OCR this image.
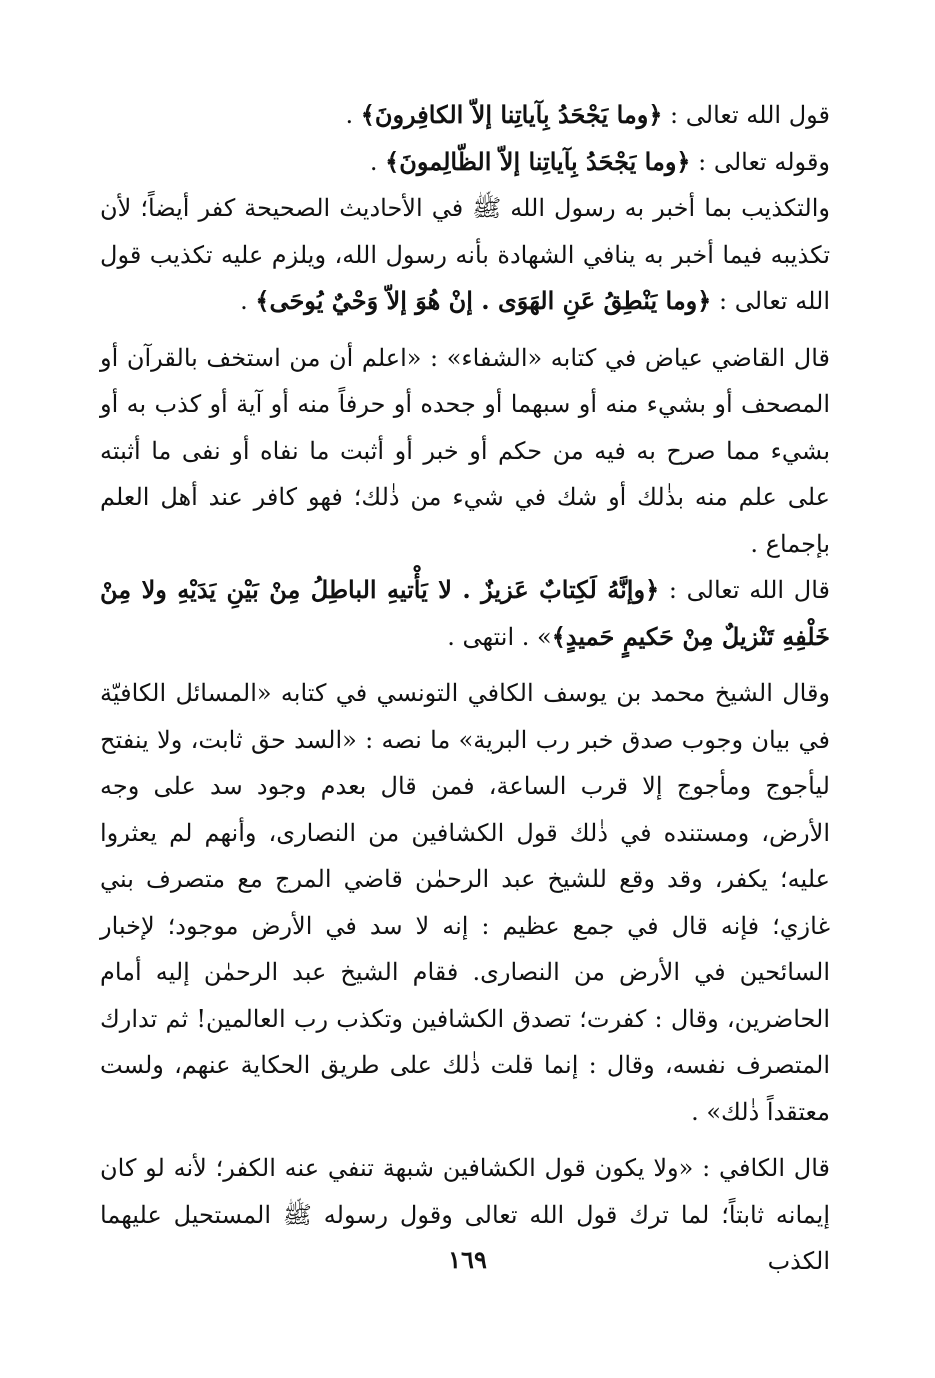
قول الله تعالى : ﴿وما يَجْحَدُ بِآياتِنا إلاّ الكافِرونَ﴾ .

وقوله تعالى : ﴿وما يَجْحَدُ بِآياتِنا إلاّ الظّالِمونَ﴾ .

والتكذيب بما أخبر به رسول الله ﷺ في الأحاديث الصحيحة كفر أيضاً؛ لأن تكذيبه فيما أخبر به ينافي الشهادة بأنه رسول الله، ويلزم عليه تكذيب قول الله تعالى : ﴿وما يَنْطِقُ عَنِ الهَوَى . إنْ هُوَ إلاّ وَحْيٌ يُوحَى﴾ .

قال القاضي عياض في كتابه «الشفاء» : «اعلم أن من استخف بالقرآن أو المصحف أو بشيء منه أو سبهما أو جحده أو حرفاً منه أو آية أو كذب به أو بشيء مما صرح به فيه من حكم أو خبر أو أثبت ما نفاه أو نفى ما أثبته على علم منه بذٰلك أو شك في شيء من ذٰلك؛ فهو كافر عند أهل العلم بإجماع .

قال الله تعالى : ﴿وإنَّهُ لَكِتابٌ عَزيزٌ . لا يَأْتيهِ الباطِلُ مِنْ بَيْنِ يَدَيْهِ ولا مِنْ خَلْفِهِ تَنْزيلٌ مِنْ حَكيمٍ حَميدٍ﴾» . انتهى .

وقال الشيخ محمد بن يوسف الكافي التونسي في كتابه «المسائل الكافيّة في بيان وجوب صدق خبر رب البرية» ما نصه : «السد حق ثابت، ولا ينفتح ليأجوج ومأجوج إلا قرب الساعة، فمن قال بعدم وجود سد على وجه الأرض، ومستنده في ذٰلك قول الكشافين من النصارى، وأنهم لم يعثروا عليه؛ يكفر، وقد وقع للشيخ عبد الرحمٰن قاضي المرج مع متصرف بني غازي؛ فإنه قال في جمع عظيم : إنه لا سد في الأرض موجود؛ لإخبار السائحين في الأرض من النصارى. فقام الشيخ عبد الرحمٰن إليه أمام الحاضرين، وقال : كفرت؛ تصدق الكشافين وتكذب رب العالمين! ثم تدارك المتصرف نفسه، وقال : إنما قلت ذٰلك على طريق الحكاية عنهم، ولست معتقداً ذٰلك» .

قال الكافي : «ولا يكون قول الكشافين شبهة تنفي عنه الكفر؛ لأنه لو كان إيمانه ثابتاً؛ لما ترك قول الله تعالى وقول رسوله ﷺ المستحيل عليهما الكذب

١٦٩
